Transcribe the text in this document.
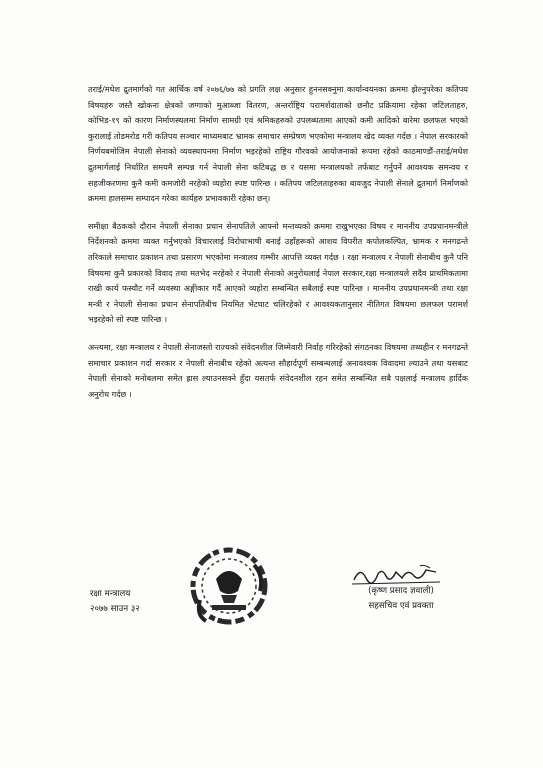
तराई/मधेश द्रुतमार्गको गत आर्थिक वर्ष २०७६/७७ को प्रगति लक्ष अनुसार हुननसक्नुमा कार्यान्वयनका क्रममा झेल्नुपरेका कतिपय विषयहरु जस्तै खोकना क्षेत्रको जग्गाको मुआब्जा वितरण, अन्तर्राष्ट्रिय परामर्शदाताको छनौट प्रक्रियामा रहेका जटिलताहरु, कोभिड-१९ को कारण निर्माणस्थलमा निर्माण सामग्री एवं श्रमिकहरुको उपलब्धतामा आएको कमी आदिको बारेमा छलफल भएको कुरालाई तोडमरोड गरी कतिपय सञ्चार माध्यमबाट भ्रामक समाचार सम्प्रेषण भएकोमा मन्त्रालय खेद व्यक्त गर्दछ । नेपाल सरकारको निर्णयबमोजिम नेपाली सेनाको व्यवस्थापनमा निर्माण भइरहेको राष्ट्रिय गौरवको आयोजनाको रूपमा रहेको काठमाण्डौं-तराई/मधेश द्रुतमार्गलाई निर्धारित समयमै सम्पन्न गर्न नेपाली सेना कटिबद्ध छ र यसमा मन्त्रालयको तर्फबाट गर्नुपर्ने आवश्यक समन्वय र सहजीकरणमा कुनै कमी कमजोरी नरहेको व्यहोरा स्पष्ट पारिन्छ । कतिपय जटिलताहरुका बावजुद नेपाली सेनाले द्रुतमार्ग निर्माणको क्रममा हालसम्म सम्पादन गरेका कार्यहरु प्रभावकारी रहेका छन्।

समीक्षा बैठकको दौरान नेपाली सेनाका प्रधान सेनापतिले आफ्नो मन्तव्यको क्रममा राखुभएका विषय र माननीय उपप्रधानमन्त्रीले निर्देशनको क्रममा व्यक्त गर्नुभएको विचारलाई विरोधाभाषी बनाई उहाँहरूको आशय विपरीत कपोलकल्पित, भ्रामक र मनगढन्ते तरिकाले समाचार प्रकाशन तथा प्रसारण भएकोमा मन्त्रालय गम्भीर आपत्ति व्यक्त गर्दछ । रक्षा मन्त्रालय र नेपाली सेनाबीच कुनै पनि विषयमा कुनै प्रकारको विवाद तथा मतभेद नरहेको र नेपाली सेनाको अनुरोधलाई नेपाल सरकार,रक्षा मन्त्रालयले सदैव प्राथमिकतामा राखी कार्य फस्यौट गर्ने व्यवस्था अङ्गीकार गर्दै आएको व्यहोरा सम्बन्धित सबैलाई स्पष्ट पारिन्छ । माननीय उपप्रधानमन्त्री तथा रक्षा मन्त्री र नेपाली सेनाका प्रधान सेनापतिबीच नियमित भेटघाट चलिरहेको र आवश्यकतानुसार नीतिगत विषयमा छलफल परामर्श भइरहेको सो स्पष्ट पारिन्छ ।

अन्त्यमा, रक्षा मन्त्रालय र नेपाली सेनाजस्तो राज्यको संवेदनशील जिम्मेवारी निर्वाह गरिरहेको संगठनका विषयमा तथ्यहीन र मनगढन्ते समाचार प्रकाशन गर्दा सरकार र नेपाली सेनाबीच रहेको अत्यन्त सौहार्दपूर्ण सम्बन्धलाई अनावश्यक विवादमा ल्याउने तथा यसबाट नेपाली सेनाको मनोबलमा समेत ह्रास ल्याउनसक्ने हुँदा यसतर्फ संवेदनशील रहन समेत सम्बन्धित सबै पक्षलाई मन्त्रालय हार्दिक अनुरोध गर्दछ ।

रक्षा मन्त्रालय
२०७७ साउन ३२
(कृष्ण प्रसाद ज्ञवाली)
सहसचिव एवं प्रवक्ता
